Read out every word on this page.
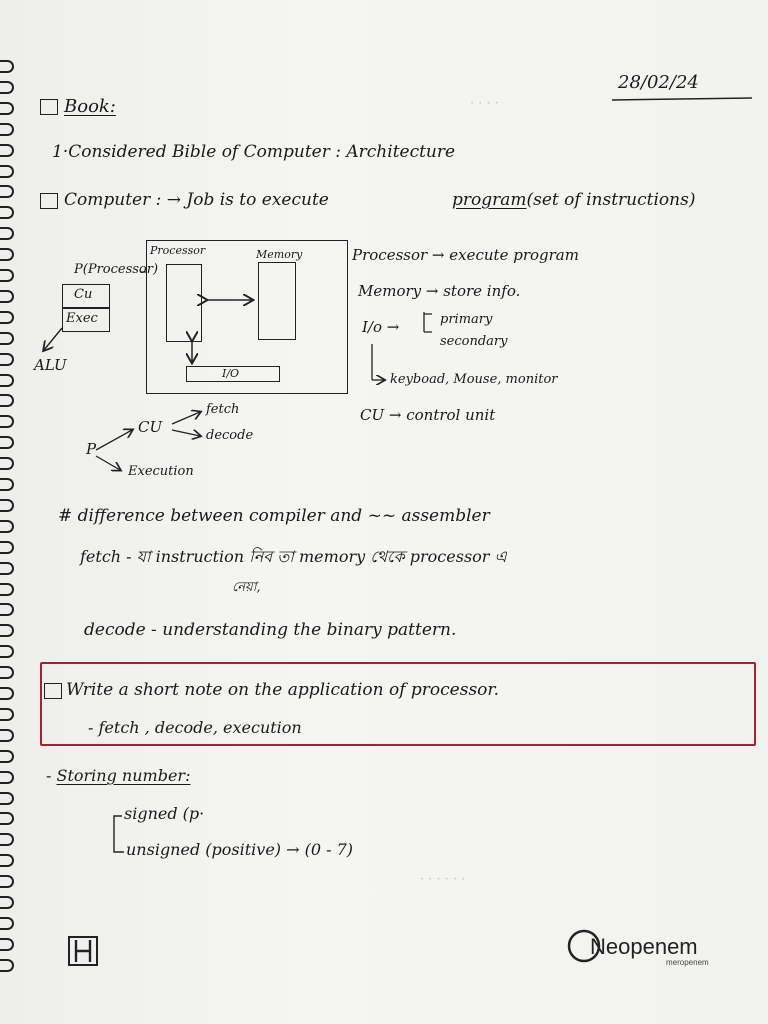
· · · ·
28/02/24
Book:
1·Considered Bible of Computer : Architecture
Computer : → Job is to execute	program(set of instructions)
Processor	Memory
I/O
P(Processor)
Cu
Exec
ALU
Processor → execute program
Memory → store info.
I/o →	primary
secondary
keyboad, Mouse, monitor
CU → control unit
P
CU
fetch
decode
Execution
# difference between compiler and ~~ assembler
fetch - যা instruction নিব তা memory থেকে processor এ
নেয়া,
decode - understanding the binary pattern.
Write a short note on the application of processor.
- fetch , decode, execution
- Storing number:
signed (p·
unsigned (positive) → (0 - 7)
· · · · · ·
Neopenem
meropenem
